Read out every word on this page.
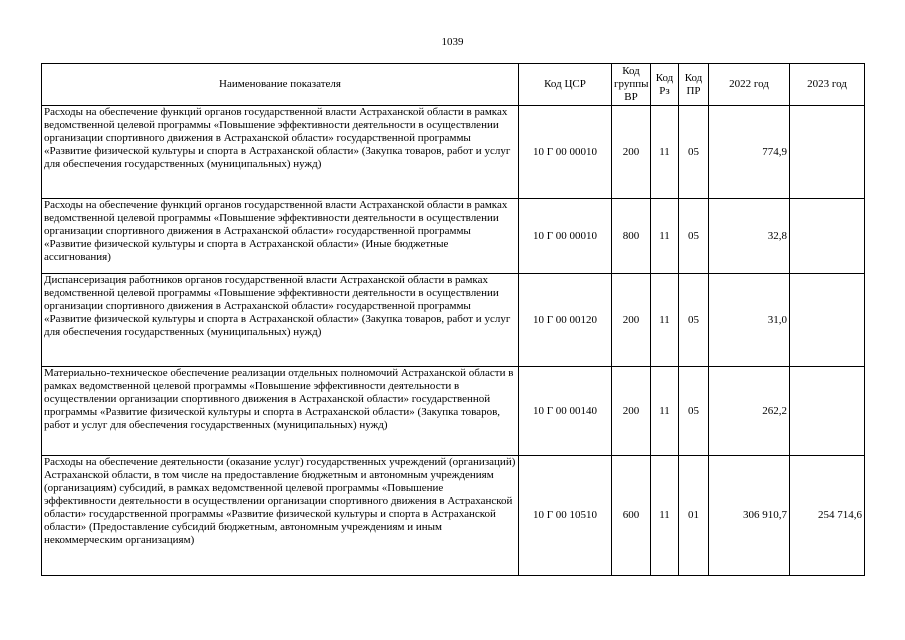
1039
Наименование показателя	Код ЦСР	Код группы ВР	Код Рз	Код ПР	2022 год	2023 год
Расходы на обеспечение функций органов государственной власти Астраханской области в рамках ведомственной целевой программы «Повышение эффективности деятельности в осуществлении организации спортивного движения в Астраханской области» государственной программы «Развитие физической культуры и спорта в Астраханской области» (Закупка товаров, работ и услуг для обеспечения государственных (муниципальных) нужд)	10 Г 00 00010	200	11	05	774,9	
Расходы на обеспечение функций органов государственной власти Астраханской области в рамках ведомственной целевой программы «Повышение эффективности деятельности в осуществлении организации спортивного движения в Астраханской области» государственной программы «Развитие физической культуры и спорта в Астраханской области» (Иные бюджетные ассигнования)	10 Г 00 00010	800	11	05	32,8	
Диспансеризация работников органов государственной власти Астраханской области в рамках ведомственной целевой программы «Повышение эффективности деятельности в осуществлении организации спортивного движения в Астраханской области» государственной программы «Развитие физической культуры и спорта в Астраханской области» (Закупка товаров, работ и услуг для обеспечения государственных (муниципальных) нужд)	10 Г 00 00120	200	11	05	31,0	
Материально-техническое обеспечение реализации отдельных полномочий Астраханской области в рамках ведомственной целевой программы «Повышение эффективности деятельности в осуществлении организации спортивного движения в Астраханской области» государственной программы «Развитие физической культуры и спорта в Астраханской области» (Закупка товаров, работ и услуг для обеспечения государственных (муниципальных) нужд)	10 Г 00 00140	200	11	05	262,2	
Расходы на обеспечение деятельности (оказание услуг) государственных учреждений (организаций) Астраханской области, в том числе на предоставление бюджетным и автономным учреждениям (организациям) субсидий, в рамках ведомственной целевой программы «Повышение эффективности деятельности в осуществлении организации спортивного движения в Астраханской области» государственной программы «Развитие физической культуры и спорта в Астраханской области» (Предоставление субсидий бюджетным, автономным учреждениям и иным некоммерческим организациям)	10 Г 00 10510	600	11	01	306 910,7	254 714,6
